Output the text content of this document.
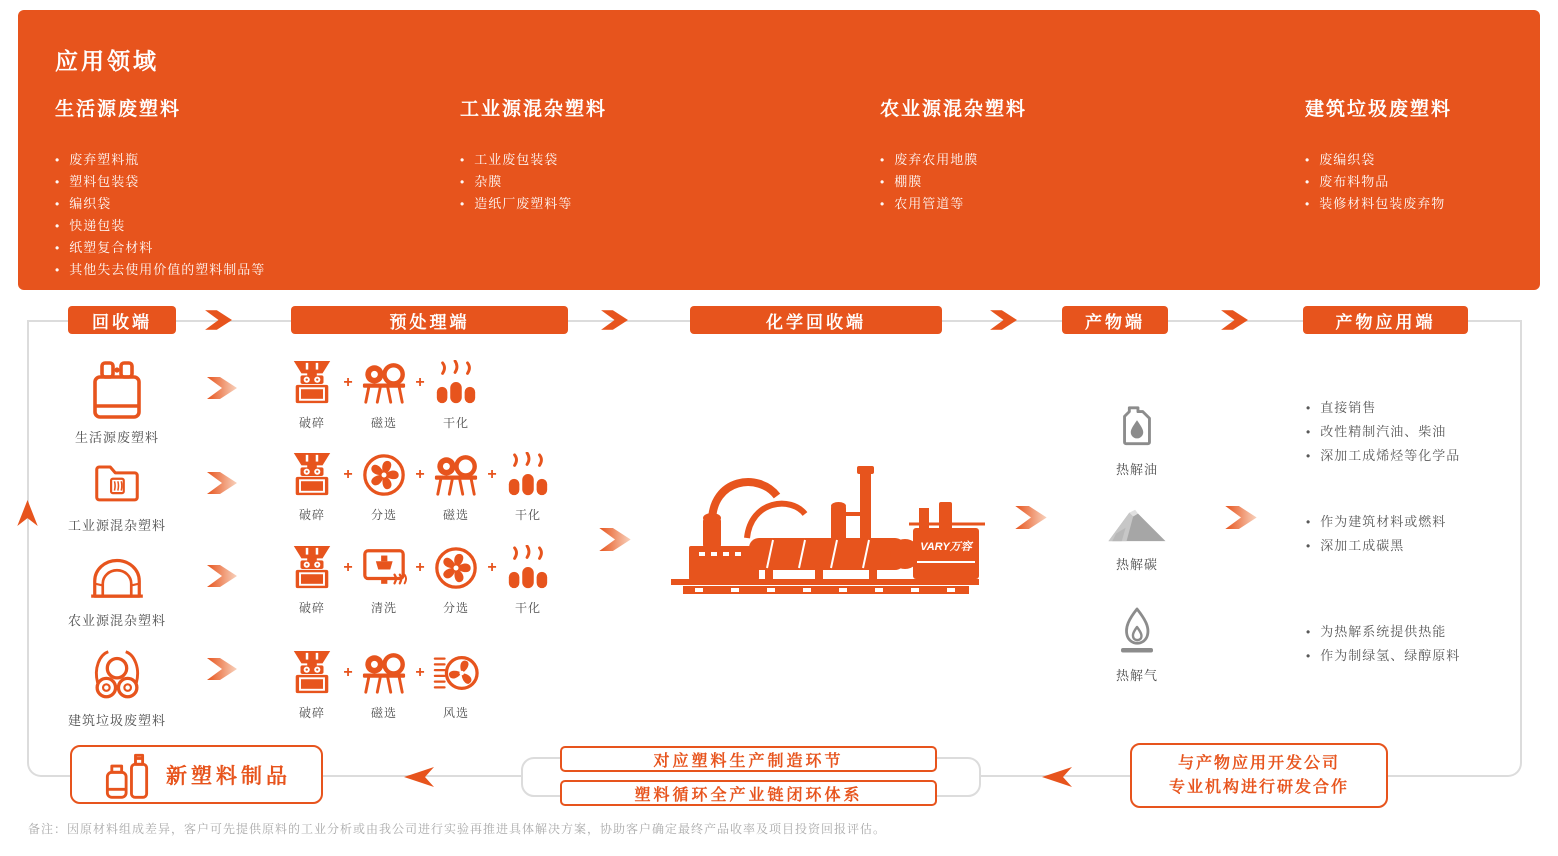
应用领域
生活源废塑料
• 废弃塑料瓶
• 塑料包装袋
• 编织袋
• 快递包装
• 纸塑复合材料
• 其他失去使用价值的塑料制品等
工业源混杂塑料
• 工业废包装袋
• 杂膜
• 造纸厂废塑料等
农业源混杂塑料
• 废弃农用地膜
• 棚膜
• 农用管道等
建筑垃圾废塑料
• 废编织袋
• 废布料物品
• 装修材料包装废弃物
回收端	预处理端	化学回收端	产物端	产物应用端
生活源废塑料
工业源混杂塑料
农业源混杂塑料
建筑垃圾废塑料
破碎
+
磁选
+
干化
破碎
+
分选
+
磁选
+
干化
破碎
+
清洗
+
分选
+
干化
破碎
+
磁选
+
风选
VARY万容
热解油
热解碳
热解气
• 直接销售
• 改性精制汽油、柴油
• 深加工成烯烃等化学品
• 作为建筑材料或燃料
• 深加工成碳黑
• 为热解系统提供热能
• 作为制绿氢、绿醇原料
新塑料制品
对应塑料生产制造环节
塑料循环全产业链闭环体系
与产物应用开发公司
专业机构进行研发合作
备注：因原材料组成差异，客户可先提供原料的工业分析或由我公司进行实验再推进具体解决方案，协助客户确定最终产品收率及项目投资回报评估。
